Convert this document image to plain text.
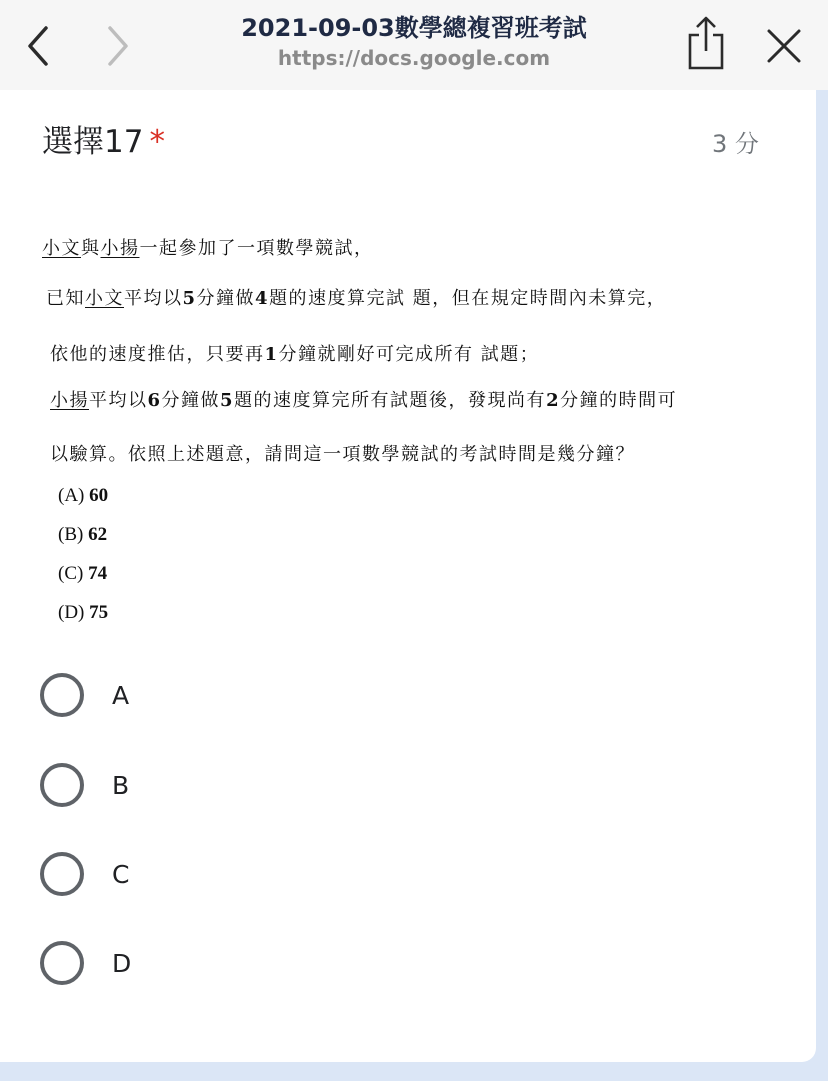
2021-09-03數學總複習班考試
https://docs.google.com
選擇17 *	3 分
小文與小揚一起參加了一項數學競試，
已知小文平均以5分鐘做4題的速度算完試 題，但在規定時間內未算完，
依他的速度推估，只要再1分鐘就剛好可完成所有 試題；
小揚平均以6分鐘做5題的速度算完所有試題後，發現尚有2分鐘的時間可
以驗算。依照上述題意，請問這一項數學競試的考試時間是幾分鐘？
(A) 60
(B) 62
(C) 74
(D) 75
A
B
C
D
